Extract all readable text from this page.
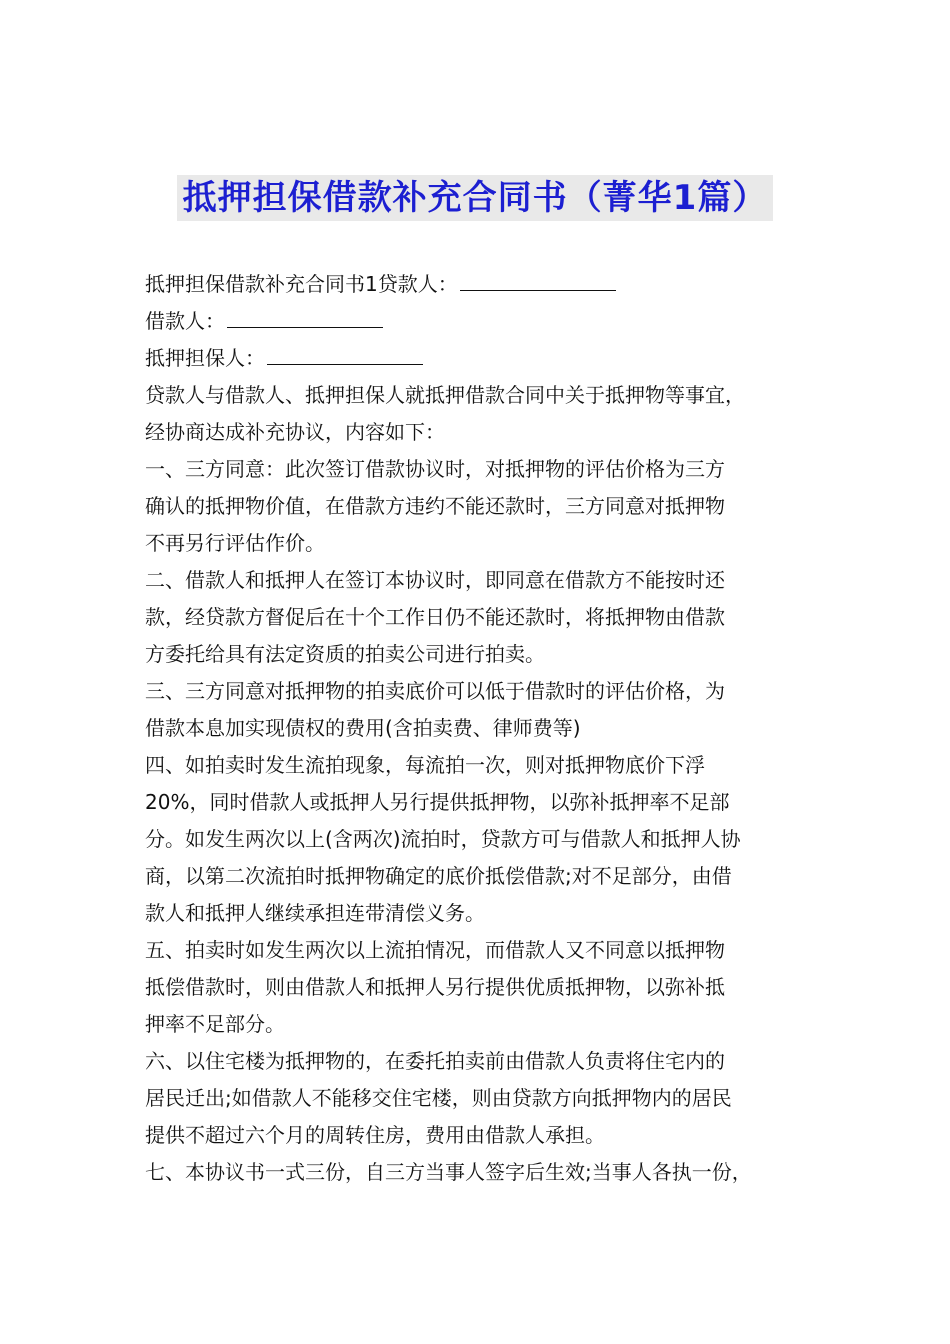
抵押担保借款补充合同书（菁华1篇）
抵押担保借款补充合同书1贷款人：
借款人：
抵押担保人：
贷款人与借款人、抵押担保人就抵押借款合同中关于抵押物等事宜，
经协商达成补充协议，内容如下：
一、三方同意：此次签订借款协议时，对抵押物的评估价格为三方
确认的抵押物价值，在借款方违约不能还款时，三方同意对抵押物
不再另行评估作价。
二、借款人和抵押人在签订本协议时，即同意在借款方不能按时还
款，经贷款方督促后在十个工作日仍不能还款时，将抵押物由借款
方委托给具有法定资质的拍卖公司进行拍卖。
三、三方同意对抵押物的拍卖底价可以低于借款时的评估价格，为
借款本息加实现债权的费用(含拍卖费、律师费等)
四、如拍卖时发生流拍现象，每流拍一次，则对抵押物底价下浮
20%，同时借款人或抵押人另行提供抵押物，以弥补抵押率不足部
分。如发生两次以上(含两次)流拍时，贷款方可与借款人和抵押人协
商，以第二次流拍时抵押物确定的底价抵偿借款;对不足部分，由借
款人和抵押人继续承担连带清偿义务。
五、拍卖时如发生两次以上流拍情况，而借款人又不同意以抵押物
抵偿借款时，则由借款人和抵押人另行提供优质抵押物，以弥补抵
押率不足部分。
六、以住宅楼为抵押物的，在委托拍卖前由借款人负责将住宅内的
居民迁出;如借款人不能移交住宅楼，则由贷款方向抵押物内的居民
提供不超过六个月的周转住房，费用由借款人承担。
七、本协议书一式三份，自三方当事人签字后生效;当事人各执一份，
